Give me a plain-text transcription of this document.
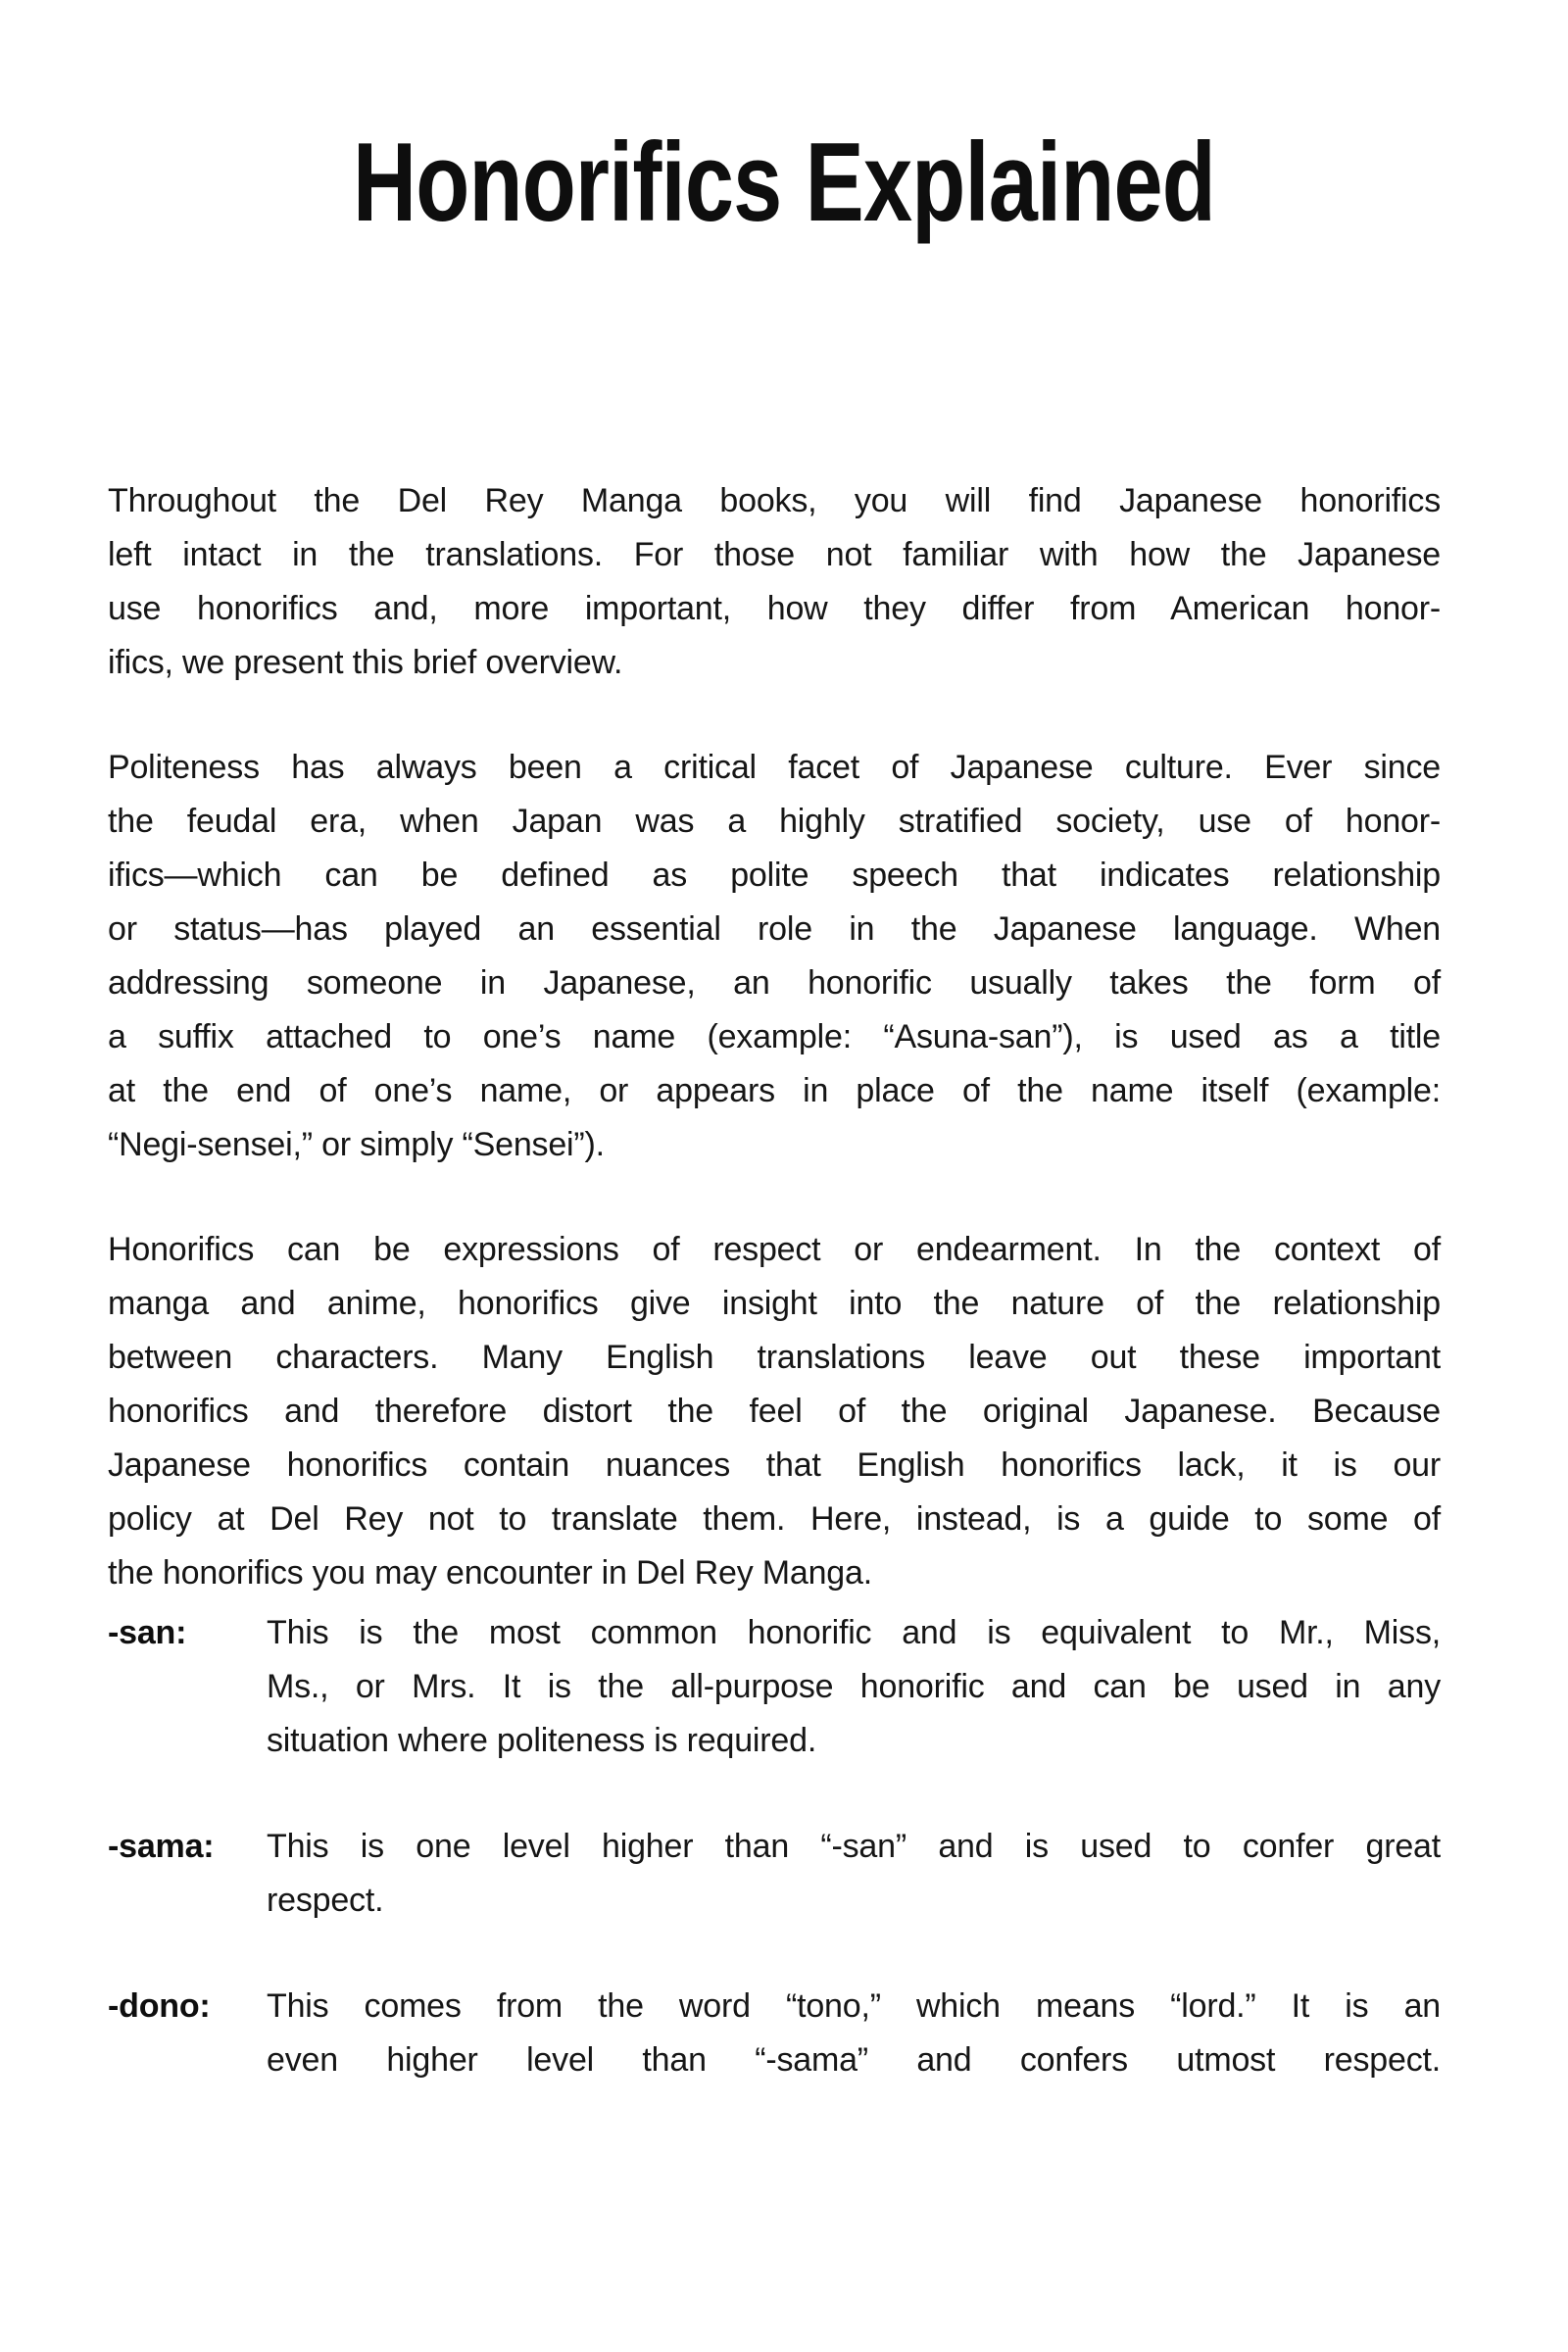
Honorifics Explained
Throughout the Del Rey Manga books, you will find Japanese honorifics
left intact in the translations. For those not familiar with how the Japanese
use honorifics and, more important, how they differ from American honor-
ifics, we present this brief overview.
Politeness has always been a critical facet of Japanese culture. Ever since
the feudal era, when Japan was a highly stratified society, use of honor-
ifics—which can be defined as polite speech that indicates relationship
or status—has played an essential role in the Japanese language. When
addressing someone in Japanese, an honorific usually takes the form of
a suffix attached to one’s name (example: “Asuna-san”), is used as a title
at the end of one’s name, or appears in place of the name itself (example:
“Negi-sensei,” or simply “Sensei”).
Honorifics can be expressions of respect or endearment. In the context of
manga and anime, honorifics give insight into the nature of the relationship
between characters. Many English translations leave out these important
honorifics and therefore distort the feel of the original Japanese. Because
Japanese honorifics contain nuances that English honorifics lack, it is our
policy at Del Rey not to translate them. Here, instead, is a guide to some of
the honorifics you may encounter in Del Rey Manga.
-san:	This is the most common honorific and is equivalent to Mr., Miss,
Ms., or Mrs. It is the all-purpose honorific and can be used in any
situation where politeness is required.
-sama:	This is one level higher than “-san” and is used to confer great
respect.
-dono:	This comes from the word “tono,” which means “lord.” It is an
even higher level than “-sama” and confers utmost respect.
